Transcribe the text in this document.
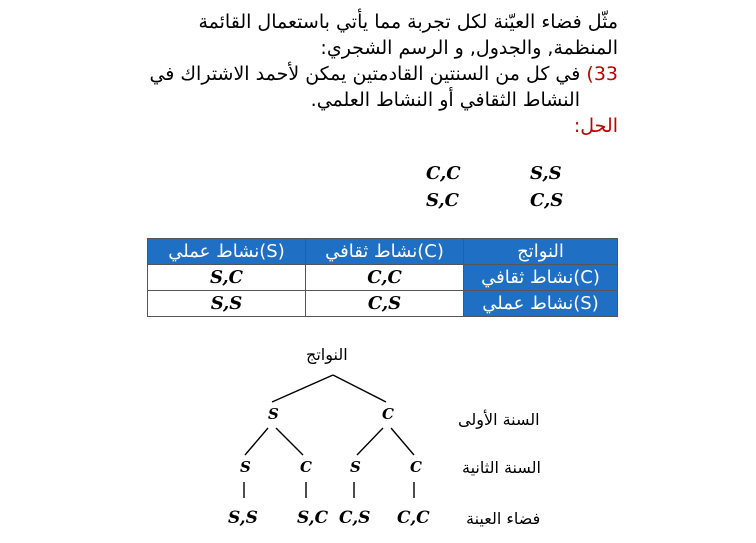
مثّل فضاء العيّنة لكل تجربة مما يأتي باستعمال القائمة
المنظمة, والجدول, و الرسم الشجري:
33) في كل من السنتين القادمتين يمكن لأحمد الاشتراك في
النشاط الثقافي أو النشاط العلمي.
الحل:
C,C	S,S
S,C	C,S
نشاط عملي(S)	نشاط ثقافي(C)	النواتج
S,C	C,C	نشاط ثقافي(C)
S,S	C,S	نشاط عملي(S)
النواتج
S	C
S	C	S	C
S,S S,C C,S C,C
السنة الأولى
السنة الثانية
فضاء العينة
